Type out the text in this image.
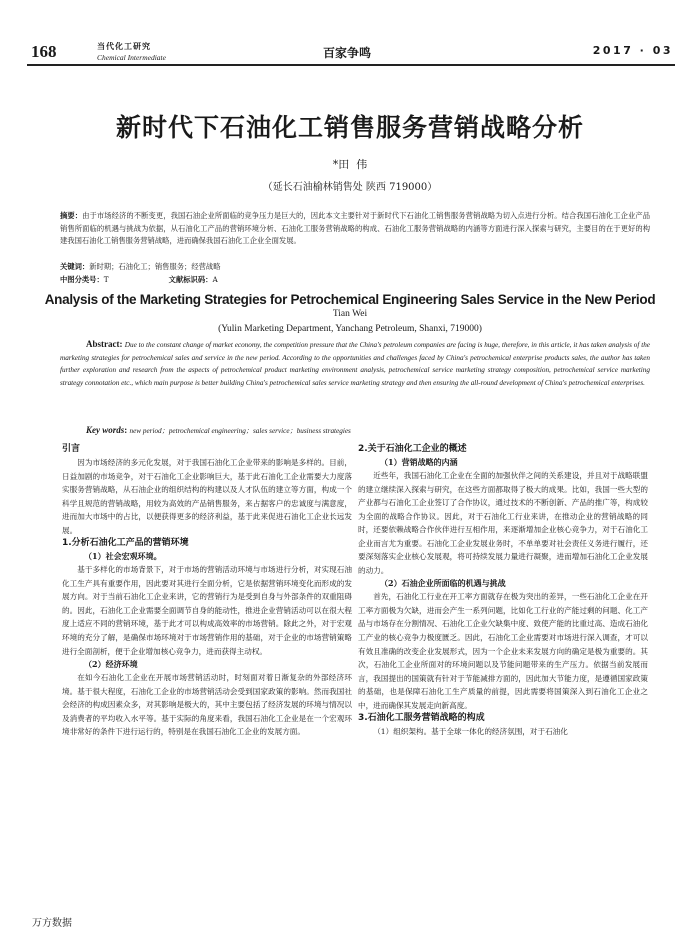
168	当代化工研究
Chemical Intermediate	百家争鸣	2017 · 03
新时代下石油化工销售服务营销战略分析
*田  伟
（延长石油榆林销售处 陕西 719000）
摘要：由于市场经济的不断变更，我国石油企业所面临的竞争压力是巨大的，因此本文主要针对于新时代下石油化工销售服务营销战略为切入点进行分析。结合我国石油化工企业产品销售所面临的机遇与挑战为依据，从石油化工产品的营销环境分析、石油化工服务营销战略的构成、石油化工服务营销战略的内涵等方面进行深入探索与研究，主要目的在于更好的构建我国石油化工销售服务营销战略，进而确保我国石油化工企业全面发展。
关键词：新时期；石油化工；销售服务；经营战略
中图分类号：T	文献标识码：A
Analysis of the Marketing Strategies for Petrochemical Engineering Sales Service in the New Period
Tian Wei
(Yulin Marketing Department, Yanchang Petroleum, Shanxi, 719000)
Abstract: Due to the constant change of market economy, the competition pressure that the China's petroleum companies are facing is huge, therefore, in this article, it has taken analysis of the marketing strategies for petrochemical sales and service in the new period. According to the opportunities and challenges faced by China's petrochemical enterprise products sales, the author has taken further exploration and research from the aspects of petrochemical product marketing environment analysis, petrochemical service marketing strategy composition, petrochemical service marketing strategy connotation etc., which main purpose is better building China's petrochemical sales service marketing strategy and then ensuring the all-round development of China's petrochemical enterprises.
Key words: new period；petrochemical engineering；sales service；business strategies
引言

因为市场经济的多元化发展，对于我国石油化工企业带来的影响是多样的。目前，日益加剧的市场竞争，对于石油化工企业影响巨大，基于此石油化工企业需要大力度落实服务营销战略，从石油企业的组织结构的构建以及人才队伍的建立等方面，构成一个科学且规范的营销战略，用较为高效的产品销售服务，来占据客户的忠诚度与满意度，进而加大市场中的占比，以便获得更多的经济利益，基于此来促进石油化工企业长远发展。

1.分析石油化工产品的营销环境
（1）社会宏观环境。

基于多样化的市场背景下，对于市场的营销活动环境与市场进行分析，对实现石油化工生产具有重要作用，因此要对其进行全面分析，它是依据营销环境变化而形成的发展方向。对于当前石油化工企业来讲，它的营销行为是受到自身与外部条件的双重阻碍的。因此，石油化工企业需要全面调节自身的能动性，推进企业营销活动可以在很大程度上适应不同的营销环境，基于此才可以构成高效率的市场营销。除此之外，对于宏观环境的充分了解，是确保市场环境对于市场营销作用的基础，对于企业的市场营销策略进行全面剖析，便于企业增加核心竞争力，进而获得主动权。

（2）经济环境

在如今石油化工企业在开展市场营销活动时，时刻面对着日渐复杂的外部经济环境。基于很大程度，石油化工企业的市场营销活动会受到国家政策的影响。然而我国社会经济的构成因素众多，对其影响是极大的，其中主要包括了经济发展的环境与情况以及消费者的平均收入水平等。基于实际的角度来看，我国石油化工企业是在一个宏观环境非常好的条件下进行运行的，特别是在我国石油化工企业的发展方面。

2.关于石油化工企业的概述
（1）营销战略的内涵

近些年，我国石油化工企业在全面的加强伙伴之间的关系建设，并且对于战略联盟的建立继续深入探索与研究，在这些方面都取得了极大的成果。比如，我国一些大型的产业都与石油化工企业签订了合作协议，通过技术的不断创新、产品的推广等，构成较为全面的战略合作协议。因此，对于石油化工行业来讲，在推动企业的营销战略的同时，还要依赖战略合作伙伴进行互相作用，来逐渐增加企业核心竞争力，对于石油化工企业而言尤为重要。石油化工企业发展业务时，不单单要对社会责任义务进行履行，还要深刻落实企业核心发展观，将可持续发展力量进行凝聚，进而增加石油化工企业发展的动力。

（2）石油企业所面临的机遇与挑战

首先，石油化工行业在开工率方面就存在极为突出的差异，一些石油化工企业在开工率方面极为欠缺，进而会产生一系列问题，比如化工行业的产能过剩的问题、化工产品与市场存在分割情况、石油化工企业欠缺集中度、致使产能的比重过高、造成石油化工产业的核心竞争力极度匮乏。因此，石油化工企业需要对市场进行深入调查，才可以有效且准确的改变企业发展形式，因为一个企业未来发展方向的确定是极为重要的。其次，石油化工企业所面对的环境问题以及节能问题带来的生产压力。依据当前发展而言，我国提出的国策就有针对于节能减排方面的，因此加大节能力度，是遵循国家政策的基础，也是保障石油化工生产质量的前提，因此需要将国策深入到石油化工企业之中，进而确保其发展走向新高度。

3.石油化工服务营销战略的构成

（1）组织架构。基于全球一体化的经济氛围，对于石油化

万方数据
